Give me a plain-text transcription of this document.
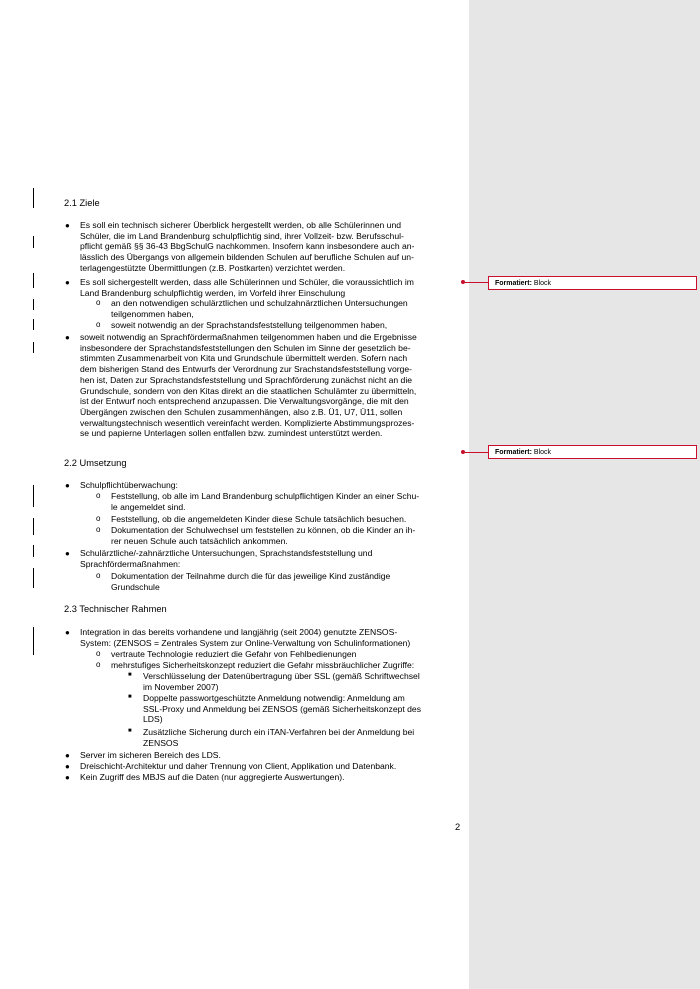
2.1 Ziele
● Es soll ein technisch sicherer Überblick hergestellt werden, ob alle Schülerinnen und
Schüler, die im Land Brandenburg schulpflichtig sind, ihrer Vollzeit- bzw. Berufsschul-
pflicht gemäß §§ 36-43 BbgSchulG nachkommen. Insofern kann insbesondere auch an-
lässlich des Übergangs von allgemein bildenden Schulen auf berufliche Schulen auf un-
terlagengestützte Übermittlungen (z.B. Postkarten) verzichtet werden.
● Es soll sichergestellt werden, dass alle Schülerinnen und Schüler, die voraussichtlich im
Land Brandenburg schulpflichtig werden, im Vorfeld ihrer Einschulung
o an den notwendigen schulärztlichen und schulzahnärztlichen Untersuchungen
teilgenommen haben,
o soweit notwendig an der Sprachstandsfeststellung teilgenommen haben,
● soweit notwendig an Sprachfördermaßnahmen teilgenommen haben und die Ergebnisse
insbesondere der Sprachstandsfeststellungen den Schulen im Sinne der gesetzlich be-
stimmten Zusammenarbeit von Kita und Grundschule übermittelt werden. Sofern nach
dem bisherigen Stand des Entwurfs der Verordnung zur Srachstandsfeststellung vorge-
hen ist, Daten zur Sprachstandsfeststellung und Sprachförderung zunächst nicht an die
Grundschule, sondern von den Kitas direkt an die staatlichen Schulämter zu übermitteln,
ist der Entwurf noch entsprechend anzupassen. Die Verwaltungsvorgänge, die mit den
Übergängen zwischen den Schulen zusammenhängen, also z.B. Ü1, U7, Ü11, sollen
verwaltungstechnisch wesentlich vereinfacht werden. Komplizierte Abstimmungsprozes-
se und papierne Unterlagen sollen entfallen bzw. zumindest unterstützt werden.
2.2 Umsetzung
● Schulpflichtüberwachung:
o Feststellung, ob alle im Land Brandenburg schulpflichtigen Kinder an einer Schu-
le angemeldet sind.
o Feststellung, ob die angemeldeten Kinder diese Schule tatsächlich besuchen.
o Dokumentation der Schulwechsel um feststellen zu können, ob die Kinder an ih-
rer neuen Schule auch tatsächlich ankommen.
● Schulärztliche/-zahnärztliche Untersuchungen, Sprachstandsfeststellung und
Sprachfördermaßnahmen:
o Dokumentation der Teilnahme durch die für das jeweilige Kind zuständige
Grundschule
2.3 Technischer Rahmen
● Integration in das bereits vorhandene und langjährig (seit 2004) genutzte ZENSOS-
System: (ZENSOS = Zentrales System zur Online-Verwaltung von Schulinformationen)
o vertraute Technologie reduziert die Gefahr von Fehlbedienungen
o mehrstufiges Sicherheitskonzept reduziert die Gefahr missbräuchlicher Zugriffe:
■ Verschlüsselung der Datenübertragung über SSL (gemäß Schriftwechsel
im November 2007)
■ Doppelte passwortgeschützte Anmeldung notwendig: Anmeldung am
SSL-Proxy und Anmeldung bei ZENSOS (gemäß Sicherheitskonzept des
LDS)
■ Zusätzliche Sicherung durch ein iTAN-Verfahren bei der Anmeldung bei
ZENSOS
● Server im sicheren Bereich des LDS.
● Dreischicht-Architektur und daher Trennung von Client, Applikation und Datenbank.
● Kein Zugriff des MBJS auf die Daten (nur aggregierte Auswertungen).
2
Formatiert: Block
Formatiert: Block
